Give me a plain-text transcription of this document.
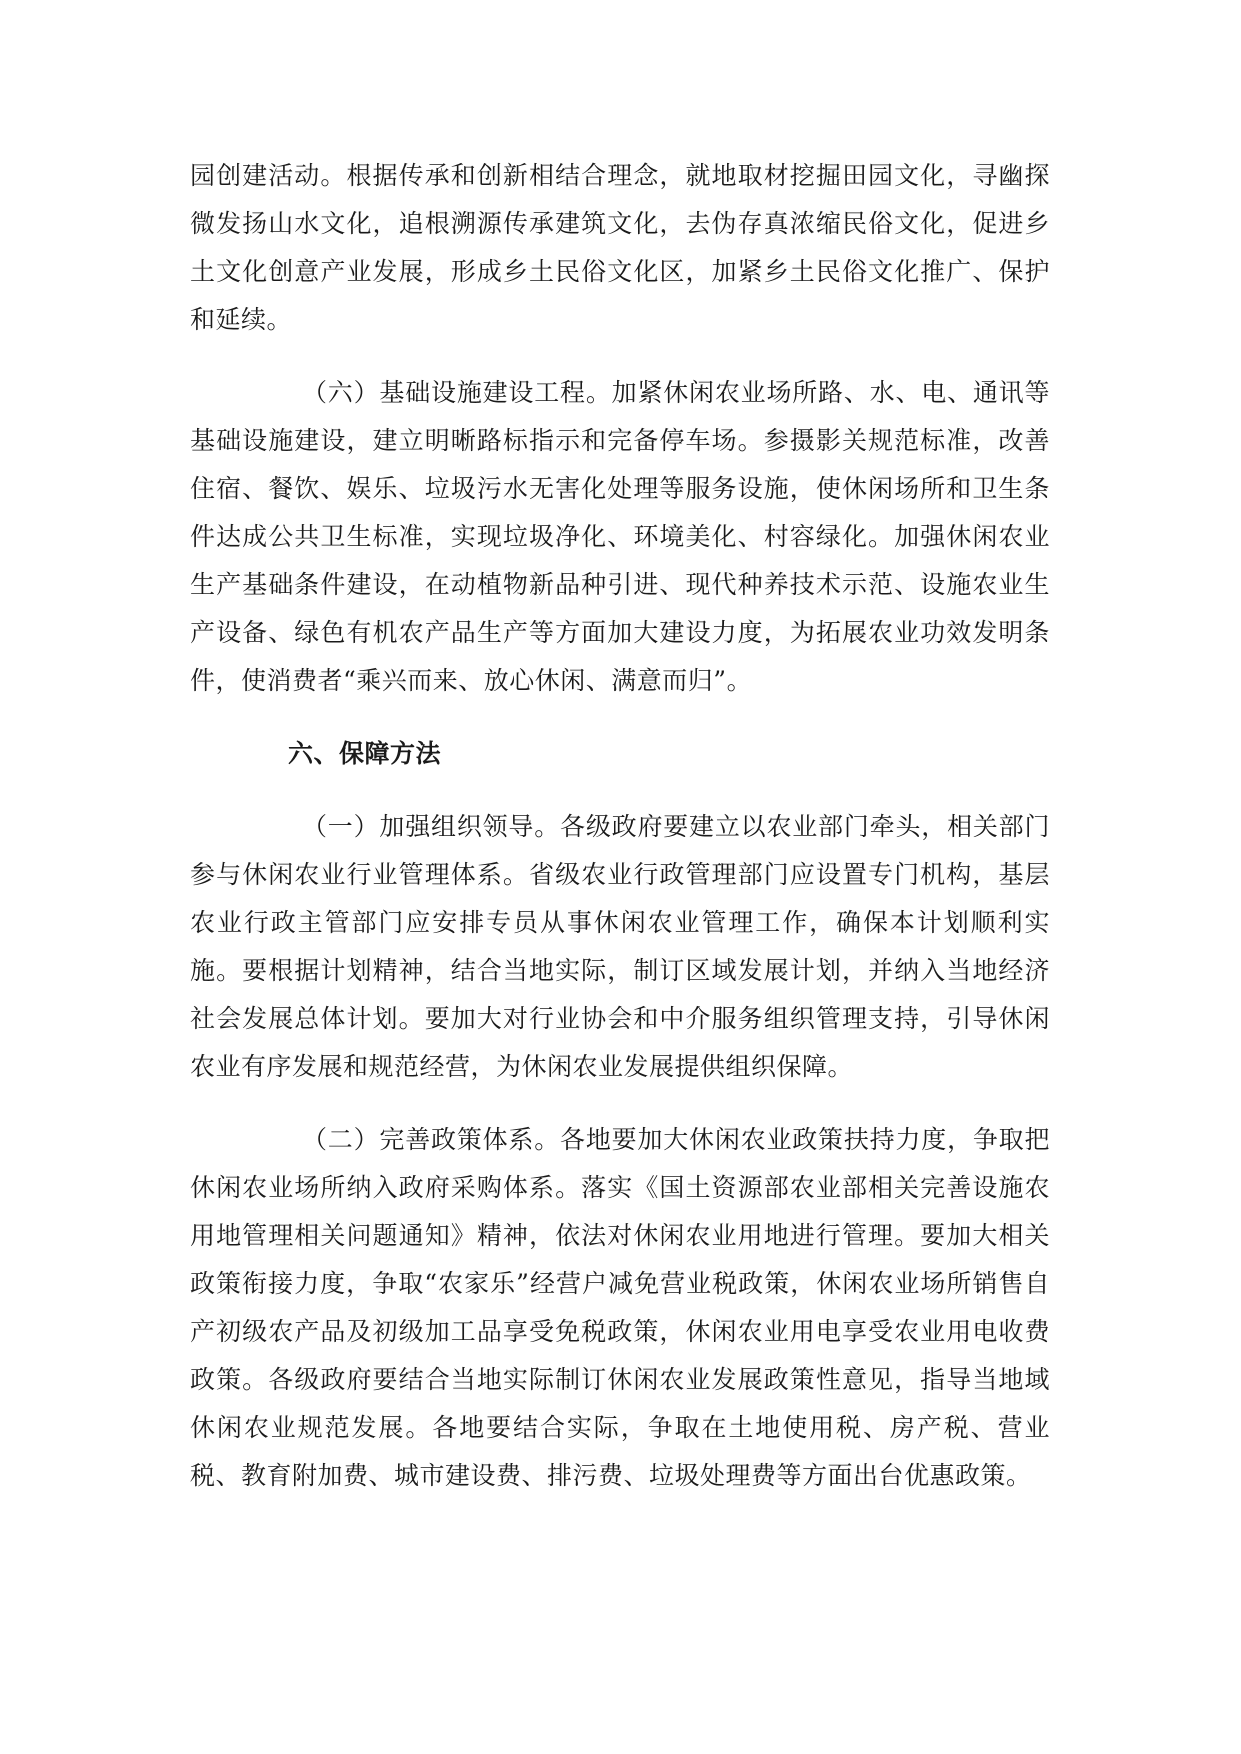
园创建活动。根据传承和创新相结合理念，就地取材挖掘田园文化，寻幽探微发扬山水文化，追根溯源传承建筑文化，去伪存真浓缩民俗文化，促进乡土文化创意产业发展，形成乡土民俗文化区，加紧乡土民俗文化推广、保护和延续。

（六）基础设施建设工程。加紧休闲农业场所路、水、电、通讯等基础设施建设，建立明晰路标指示和完备停车场。参摄影关规范标准，改善住宿、餐饮、娱乐、垃圾污水无害化处理等服务设施，使休闲场所和卫生条件达成公共卫生标准，实现垃圾净化、环境美化、村容绿化。加强休闲农业生产基础条件建设，在动植物新品种引进、现代种养技术示范、设施农业生产设备、绿色有机农产品生产等方面加大建设力度，为拓展农业功效发明条件，使消费者“乘兴而来、放心休闲、满意而归”。

六、保障方法

（一）加强组织领导。各级政府要建立以农业部门牵头，相关部门参与休闲农业行业管理体系。省级农业行政管理部门应设置专门机构，基层农业行政主管部门应安排专员从事休闲农业管理工作，确保本计划顺利实施。要根据计划精神，结合当地实际，制订区域发展计划，并纳入当地经济社会发展总体计划。要加大对行业协会和中介服务组织管理支持，引导休闲农业有序发展和规范经营，为休闲农业发展提供组织保障。

（二）完善政策体系。各地要加大休闲农业政策扶持力度，争取把休闲农业场所纳入政府采购体系。落实《国土资源部农业部相关完善设施农用地管理相关问题通知》精神，依法对休闲农业用地进行管理。要加大相关政策衔接力度，争取“农家乐”经营户减免营业税政策，休闲农业场所销售自产初级农产品及初级加工品享受免税政策，休闲农业用电享受农业用电收费政策。各级政府要结合当地实际制订休闲农业发展政策性意见，指导当地域休闲农业规范发展。各地要结合实际，争取在土地使用税、房产税、营业税、教育附加费、城市建设费、排污费、垃圾处理费等方面出台优惠政策。
